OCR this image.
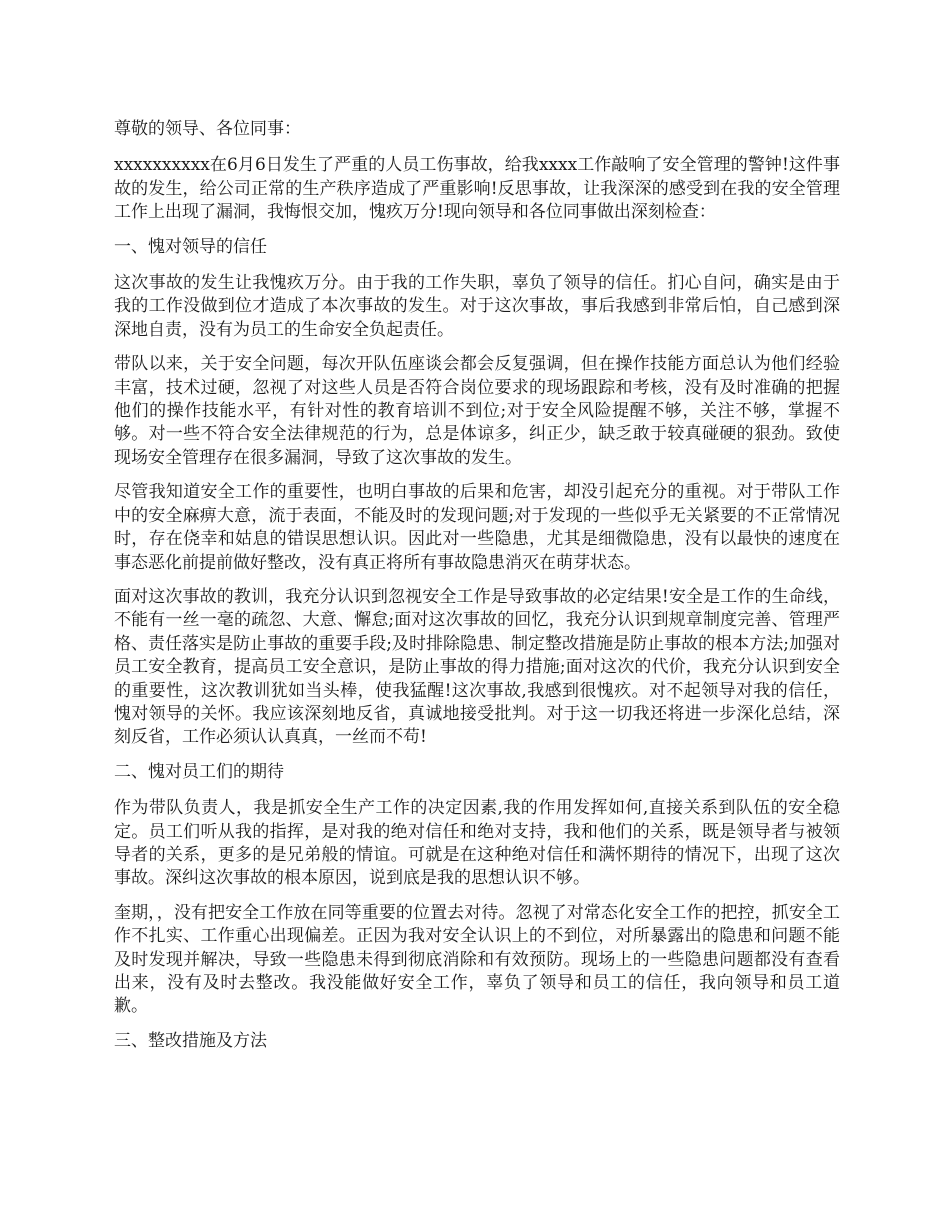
尊敬的领导、各位同事：

xxxxxxxxxx在6月6日发生了严重的人员工伤事故，给我xxxx工作敲响了安全管理的警钟!这件事故的发生，给公司正常的生产秩序造成了严重影响!反思事故，让我深深的感受到在我的安全管理工作上出现了漏洞，我悔恨交加，愧疚万分!现向领导和各位同事做出深刻检查：

一、愧对领导的信任

这次事故的发生让我愧疚万分。由于我的工作失职，辜负了领导的信任。扪心自问，确实是由于我的工作没做到位才造成了本次事故的发生。对于这次事故，事后我感到非常后怕，自己感到深深地自责，没有为员工的生命安全负起责任。

带队以来，关于安全问题，每次开队伍座谈会都会反复强调，但在操作技能方面总认为他们经验丰富，技术过硬，忽视了对这些人员是否符合岗位要求的现场跟踪和考核，没有及时准确的把握他们的操作技能水平，有针对性的教育培训不到位;对于安全风险提醒不够，关注不够，掌握不够。对一些不符合安全法律规范的行为，总是体谅多，纠正少，缺乏敢于较真碰硬的狠劲。致使现场安全管理存在很多漏洞，导致了这次事故的发生。

尽管我知道安全工作的重要性，也明白事故的后果和危害，却没引起充分的重视。对于带队工作中的安全麻痹大意，流于表面，不能及时的发现问题;对于发现的一些似乎无关紧要的不正常情况时，存在侥幸和姑息的错误思想认识。因此对一些隐患，尤其是细微隐患，没有以最快的速度在事态恶化前提前做好整改，没有真正将所有事故隐患消灭在萌芽状态。

面对这次事故的教训，我充分认识到忽视安全工作是导致事故的必定结果!安全是工作的生命线，不能有一丝一毫的疏忽、大意、懈怠;面对这次事故的回忆，我充分认识到规章制度完善、管理严格、责任落实是防止事故的重要手段;及时排除隐患、制定整改措施是防止事故的根本方法;加强对员工安全教育，提高员工安全意识，是防止事故的得力措施;面对这次的代价，我充分认识到安全的重要性，这次教训犹如当头棒，使我猛醒!这次事故,我感到很愧疚。对不起领导对我的信任，愧对领导的关怀。我应该深刻地反省，真诚地接受批判。对于这一切我还将进一步深化总结，深刻反省，工作必须认认真真，一丝而不苟!

二、愧对员工们的期待

作为带队负责人，我是抓安全生产工作的决定因素,我的作用发挥如何,直接关系到队伍的安全稳定。员工们听从我的指挥，是对我的绝对信任和绝对支持，我和他们的关系，既是领导者与被领导者的关系，更多的是兄弟般的情谊。可就是在这种绝对信任和满怀期待的情况下，出现了这次事故。深纠这次事故的根本原因，说到底是我的思想认识不够。

奎期，，没有把安全工作放在同等重要的位置去对待。忽视了对常态化安全工作的把控，抓安全工作不扎实、工作重心出现偏差。正因为我对安全认识上的不到位，对所暴露出的隐患和问题不能及时发现并解决，导致一些隐患未得到彻底消除和有效预防。现场上的一些隐患问题都没有查看出来，没有及时去整改。我没能做好安全工作，辜负了领导和员工的信任，我向领导和员工道歉。

三、整改措施及方法
